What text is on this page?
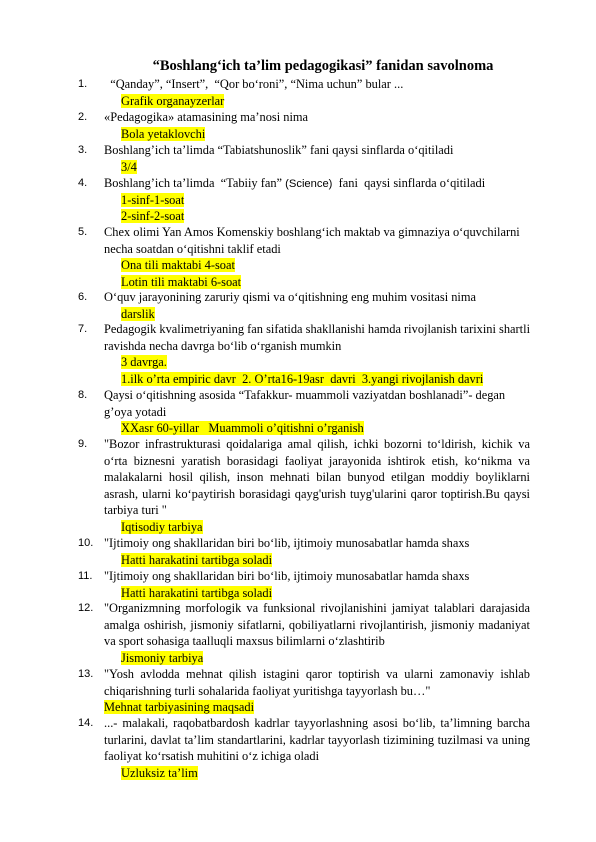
“Boshlang‘ich ta’lim pedagogikasi” fanidan savolnoma
1. “Qanday”, “Insert”,  “Qor bo‘roni”, “Nima uchun” bular ...
Grafik organayzerlar
2. «Pedagogika» atamasining ma’nosi nima
Bola yetaklovchi
3. Boshlang’ich ta’limda “Tabiatshunoslik” fani qaysi sinflarda o‘qitiladi
3/4
4. Boshlang’ich ta’limda  “Tabiiy fan” (Science)  fani  qaysi sinflarda o‘qitiladi
1-sinf-1-soat
2-sinf-2-soat
5. Chex olimi Yan Amos Komenskiy boshlang‘ich maktab va gimnaziya o‘quvchilarni necha soatdan o‘qitishni taklif etadi
Ona tili maktabi 4-soat
Lotin tili maktabi 6-soat
6. O‘quv jarayonining zaruriy qismi va o‘qitishning eng muhim vositasi nima
darslik
7. Pedagogik kvalimetriyaning fan sifatida shakllanishi hamda rivojlanish tarixini shartli ravishda necha davrga bo‘lib o‘rganish mumkin
3 davrga.
1.ilk o’rta empiric davr  2. O’rta16-19asr  davri  3.yangi rivojlanish davri
8. Qaysi o‘qitishning asosida “Tafakkur- muammoli vaziyatdan boshlanadi”- degan g’oya yotadi
XXasr 60-yillar   Muammoli o’qitishni o’rganish
9. "Bozor infrastrukturasi qoidalariga amal qilish, ichki bozorni to‘ldirish, kichik va o‘rta biznesni yaratish borasidagi faoliyat jarayonida ishtirok etish, ko‘nikma va malakalarni hosil qilish, inson mehnati bilan bunyod etilgan moddiy boyliklarni asrash, ularni ko‘paytirish borasidagi qayg'urish tuyg'ularini qaror toptirish.Bu qaysi tarbiya turi "
Iqtisodiy tarbiya
10. "Ijtimoiy ong shakllaridan biri bo‘lib, ijtimoiy munosabatlar hamda shaxs
Hatti harakatini tartibga soladi
11. "Ijtimoiy ong shakllaridan biri bo‘lib, ijtimoiy munosabatlar hamda shaxs
Hatti harakatini tartibga soladi
12. "Organizmning morfologik va funksional rivojlanishini jamiyat talablari darajasida amalga oshirish, jismoniy sifatlarni, qobiliyatlarni rivojlantirish, jismoniy madaniyat va sport sohasiga taalluqli maxsus bilimlarni o‘zlashtirib
Jismoniy tarbiya
13. "Yosh avlodda mehnat qilish istagini qaror toptirish va ularni zamonaviy ishlab chiqarishning turli sohalarida faoliyat yuritishga tayyorlash bu…"
Mehnat tarbiyasining maqsadi
14. ...- malakali, raqobatbardosh kadrlar tayyorlashning asosi bo‘lib, ta’limning barcha turlarini, davlat ta’lim standartlarini, kadrlar tayyorlash tizimining tuzilmasi va uning faoliyat ko‘rsatish muhitini o‘z ichiga oladi
Uzluksiz ta’lim
